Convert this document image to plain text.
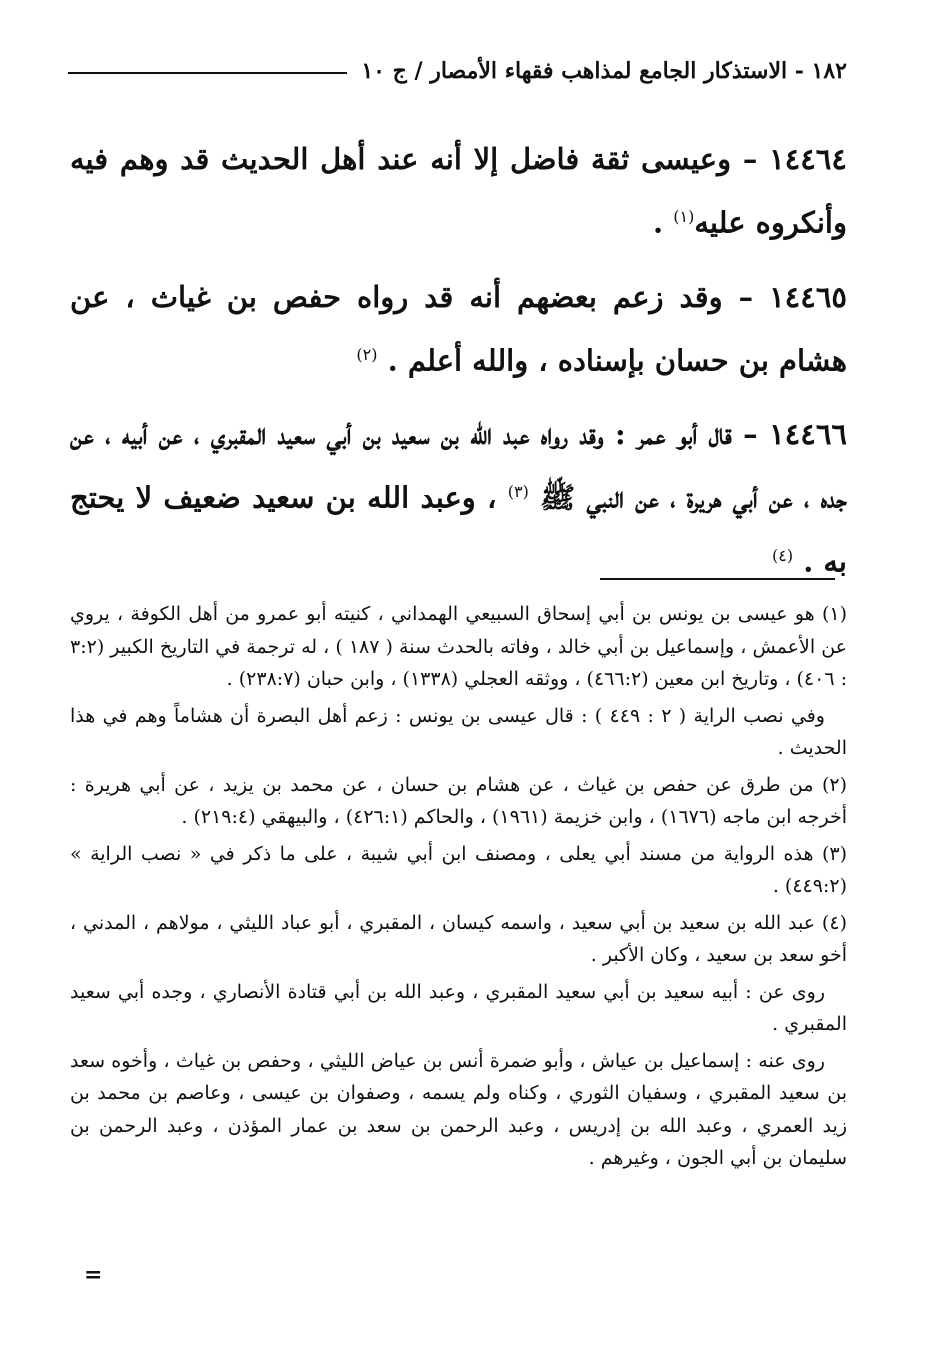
١٨٢ - الاستذكار الجامع لمذاهب فقهاء الأمصار / ج ١٠

١٤٤٦٤ – وعيسى ثقة فاضل إلا أنه عند أهل الحديث قد وهم فيه وأنكروه عليه$^{(١)}$ .

١٤٤٦٥ – وقد زعم بعضهم أنه قد رواه حفص بن غياث ، عن هشام بن حسان بإسناده ، والله أعلم . $^{(٢)}$

١٤٤٦٦ – قال أبو عمر : وقد رواه عبد الله بن سعيد بن أبي سعيد المقبري ، عن أبيه ، عن جده ، عن أبي هريرة ، عن النبي ﷺ $^{(٣)}$ ، وعبد الله بن سعيد ضعيف لا يحتج به . $^{(٤)}$

(١) هو عيسى بن يونس بن أبي إسحاق السبيعي الهمداني ، كنيته أبو عمرو من أهل الكوفة ، يروي عن الأعمش ، وإسماعيل بن أبي خالد ، وفاته بالحدث سنة ( ١٨٧ ) ، له ترجمة في التاريخ الكبير (٣:٢ : ٤٠٦) ، وتاريخ ابن معين (٤٦٦:٢) ، ووثقه العجلي (١٣٣٨) ، وابن حبان (٢٣٨:٧) .

وفي نصب الراية ( ٢ : ٤٤٩ ) : قال عيسى بن يونس : زعم أهل البصرة أن هشاماً وهم في هذا الحديث .

(٢) من طرق عن حفص بن غياث ، عن هشام بن حسان ، عن محمد بن يزيد ، عن أبي هريرة : أخرجه ابن ماجه (١٦٧٦) ، وابن خزيمة (١٩٦١) ، والحاكم (٤٢٦:١) ، والبيهقي (٢١٩:٤) .

(٣) هذه الرواية من مسند أبي يعلى ، ومصنف ابن أبي شيبة ، على ما ذكر في « نصب الراية » (٤٤٩:٢) .

(٤) عبد الله بن سعيد بن أبي سعيد ، واسمه كيسان ، المقبري ، أبو عباد الليثي ، مولاهم ، المدني ، أخو سعد بن سعيد ، وكان الأكبر .

روى عن : أبيه سعيد بن أبي سعيد المقبري ، وعبد الله بن أبي قتادة الأنصاري ، وجده أبي سعيد المقبري .

روى عنه : إسماعيل بن عياش ، وأبو ضمرة أنس بن عياض الليثي ، وحفص بن غياث ، وأخوه سعد بن سعيد المقبري ، وسفيان الثوري ، وكناه ولم يسمه ، وصفوان بن عيسى ، وعاصم بن محمد بن زيد العمري ، وعبد الله بن إدريس ، وعبد الرحمن بن سعد بن عمار المؤذن ، وعبد الرحمن بن سليمان بن أبي الجون ، وغيرهم .

=
